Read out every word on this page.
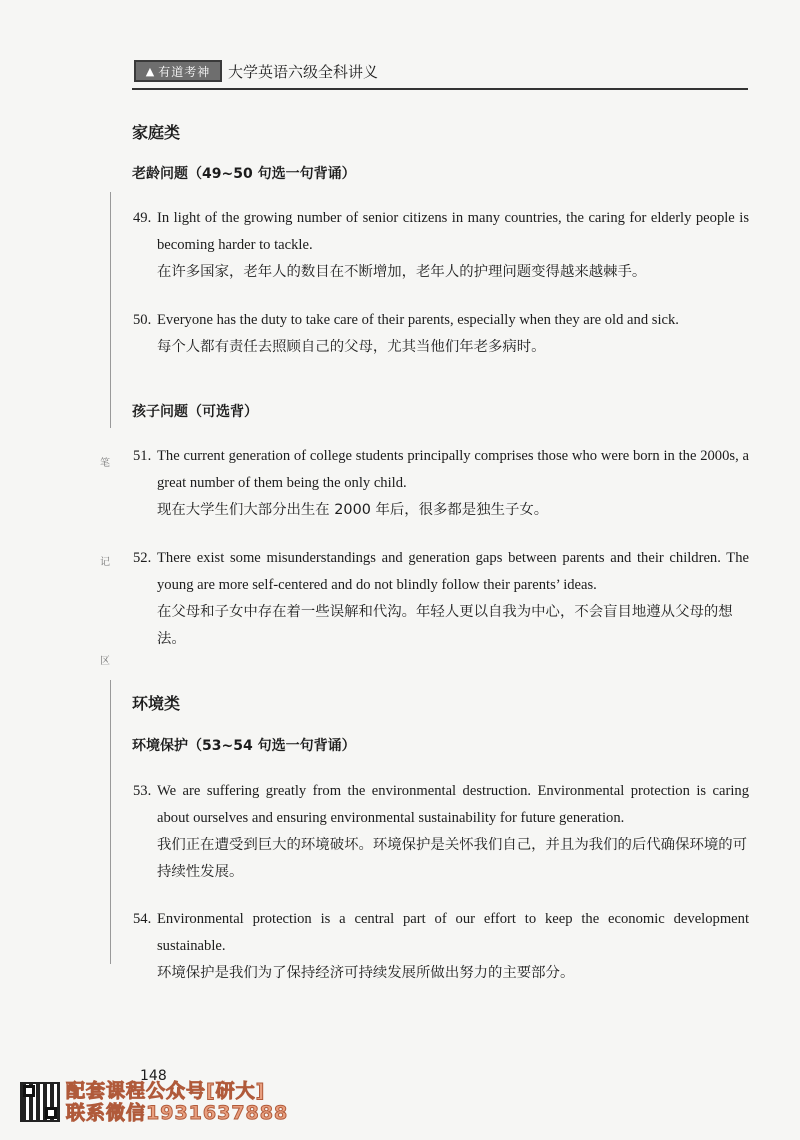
▲ 有道考神 大学英语六级全科讲义
笔
记
区
家庭类
老龄问题（49~50 句选一句背诵）

49. In light of the growing number of senior citizens in many countries, the caring for elderly people is becoming harder to tackle.

在许多国家，老年人的数目在不断增加，老年人的护理问题变得越来越棘手。

50. Everyone has the duty to take care of their parents, especially when they are old and sick.

每个人都有责任去照顾自己的父母，尤其当他们年老多病时。

孩子问题（可选背）

51. The current generation of college students principally comprises those who were born in the 2000s, a great number of them being the only child.

现在大学生们大部分出生在 2000 年后，很多都是独生子女。

52. There exist some misunderstandings and generation gaps between parents and their children. The young are more self-centered and do not blindly follow their parents’ ideas.

在父母和子女中存在着一些误解和代沟。年轻人更以自我为中心，不会盲目地遵从父母的想法。

环境类
环境保护（53~54 句选一句背诵）

53. We are suffering greatly from the environmental destruction. Environmental protection is caring about ourselves and ensuring environmental sustainability for future generation.

我们正在遭受到巨大的环境破坏。环境保护是关怀我们自己，并且为我们的后代确保环境的可持续性发展。

54. Environmental protection is a central part of our effort to keep the economic development sustainable.

环境保护是我们为了保持经济可持续发展所做出努力的主要部分。

148
配套课程公众号[研大]
联系微信1931637888
